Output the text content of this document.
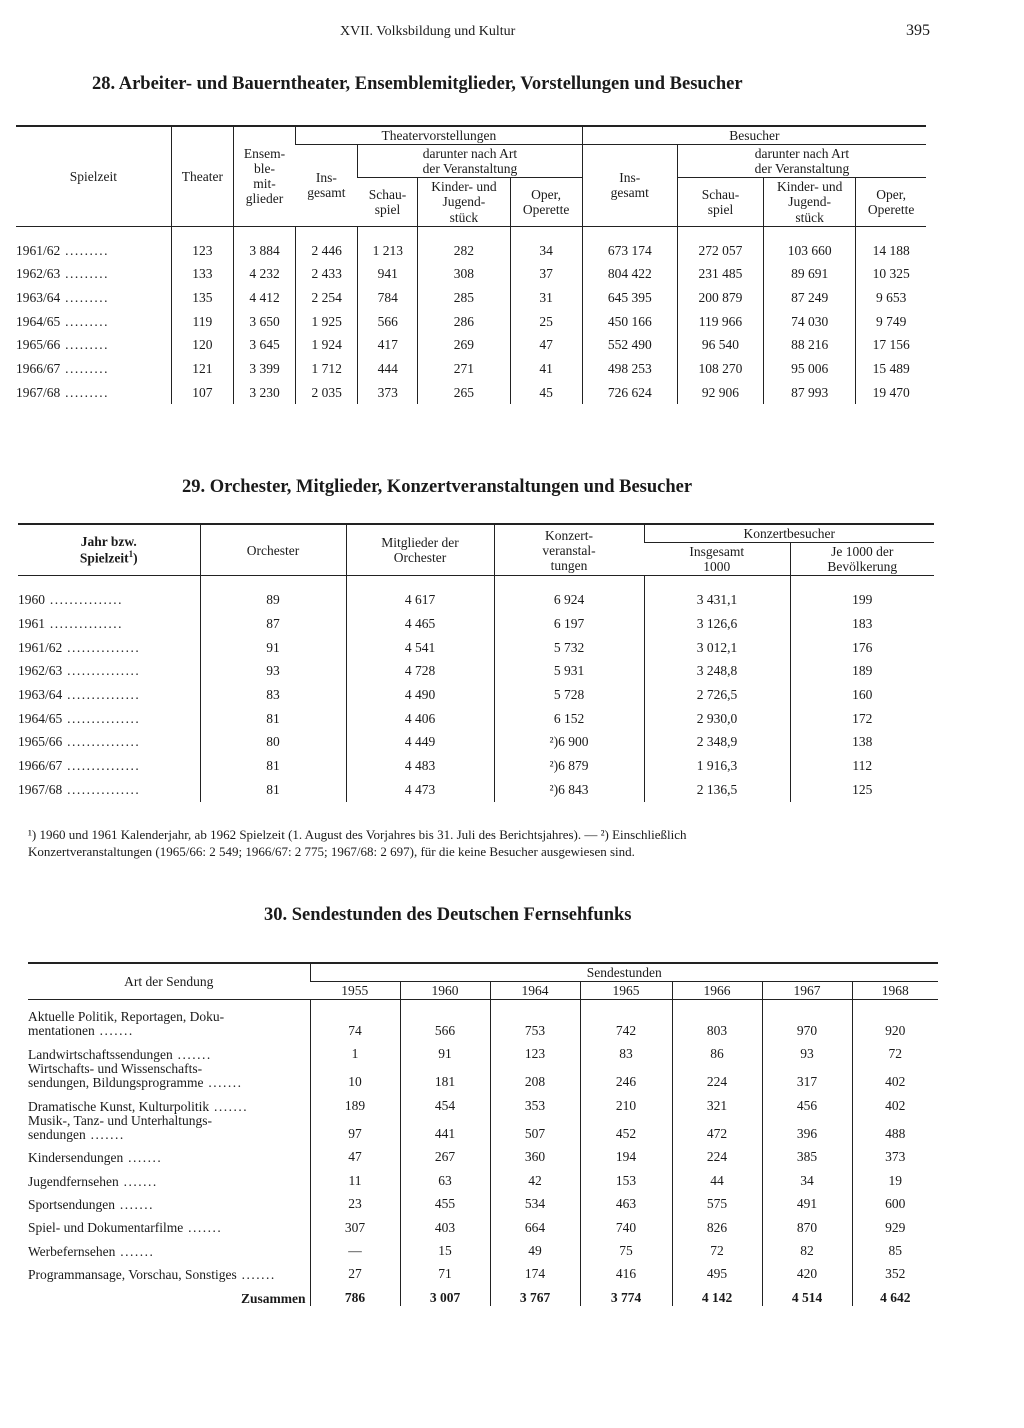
XVII. Volksbildung und Kultur	395
28. Arbeiter- und Bauerntheater, Ensemblemitglieder, Vorstellungen und Besucher
Spielzeit	Theater	Ensem-
ble-
mit-
glieder	Theatervorstellungen				Besucher			
			Ins-
gesamt	darunter nach Art
der Veranstaltung			Ins-
gesamt	darunter nach Art
der Veranstaltung		
				Schau-
spiel	Kinder- und
Jugend-
stück	Oper,
Operette		Schau-
spiel	Kinder- und
Jugend-
stück	Oper,
Operette
1961/62 .........	123	3 884	2 446	1 213	282	34	673 174	272 057	103 660	14 188
1962/63 .........	133	4 232	2 433	941	308	37	804 422	231 485	89 691	10 325
1963/64 .........	135	4 412	2 254	784	285	31	645 395	200 879	87 249	9 653
1964/65 .........	119	3 650	1 925	566	286	25	450 166	119 966	74 030	9 749
1965/66 .........	120	3 645	1 924	417	269	47	552 490	96 540	88 216	17 156
1966/67 .........	121	3 399	1 712	444	271	41	498 253	108 270	95 006	15 489
1967/68 .........	107	3 230	2 035	373	265	45	726 624	92 906	87 993	19 470
29. Orchester, Mitglieder, Konzertveranstaltungen und Besucher
Jahr bzw.
Spielzeit$^1$)	Orchester	Mitglieder der
Orchester	Konzert-
veranstal-
tungen	Konzertbesucher	
				Insgesamt
1000	Je 1000 der
Bevölkerung
1960 ...............	89	4 617	6 924	3 431,1	199
1961 ...............	87	4 465	6 197	3 126,6	183
1961/62 ...............	91	4 541	5 732	3 012,1	176
1962/63 ...............	93	4 728	5 931	3 248,8	189
1963/64 ...............	83	4 490	5 728	2 726,5	160
1964/65 ...............	81	4 406	6 152	2 930,0	172
1965/66 ...............	80	4 449	²)6 900	2 348,9	138
1966/67 ...............	81	4 483	²)6 879	1 916,3	112
1967/68 ...............	81	4 473	²)6 843	2 136,5	125
¹) 1960 und 1961 Kalenderjahr, ab 1962 Spielzeit (1. August des Vorjahres bis 31. Juli des Berichtsjahres). — ²) Einschließlich
Konzertveranstaltungen (1965/66: 2 549; 1966/67: 2 775; 1967/68: 2 697), für die keine Besucher ausgewiesen sind.
30. Sendestunden des Deutschen Fernsehfunks
Art der Sendung	Sendestunden						
	1955	1960	1964	1965	1966	1967	1968
Aktuelle Politik, Reportagen, Doku-
mentationen .......	74	566	753	742	803	970	920
Landwirtschaftssendungen .......	1	91	123	83	86	93	72
Wirtschafts- und Wissenschafts-
sendungen, Bildungsprogramme .......	10	181	208	246	224	317	402
Dramatische Kunst, Kulturpolitik .......	189	454	353	210	321	456	402
Musik-, Tanz- und Unterhaltungs-
sendungen .......	97	441	507	452	472	396	488
Kindersendungen .......	47	267	360	194	224	385	373
Jugendfernsehen .......	11	63	42	153	44	34	19
Sportsendungen .......	23	455	534	463	575	491	600
Spiel- und Dokumentarfilme .......	307	403	664	740	826	870	929
Werbefernsehen .......	—	15	49	75	72	82	85
Programmansage, Vorschau, Sonstiges .......	27	71	174	416	495	420	352
Zusammen	786	3 007	3 767	3 774	4 142	4 514	4 642
